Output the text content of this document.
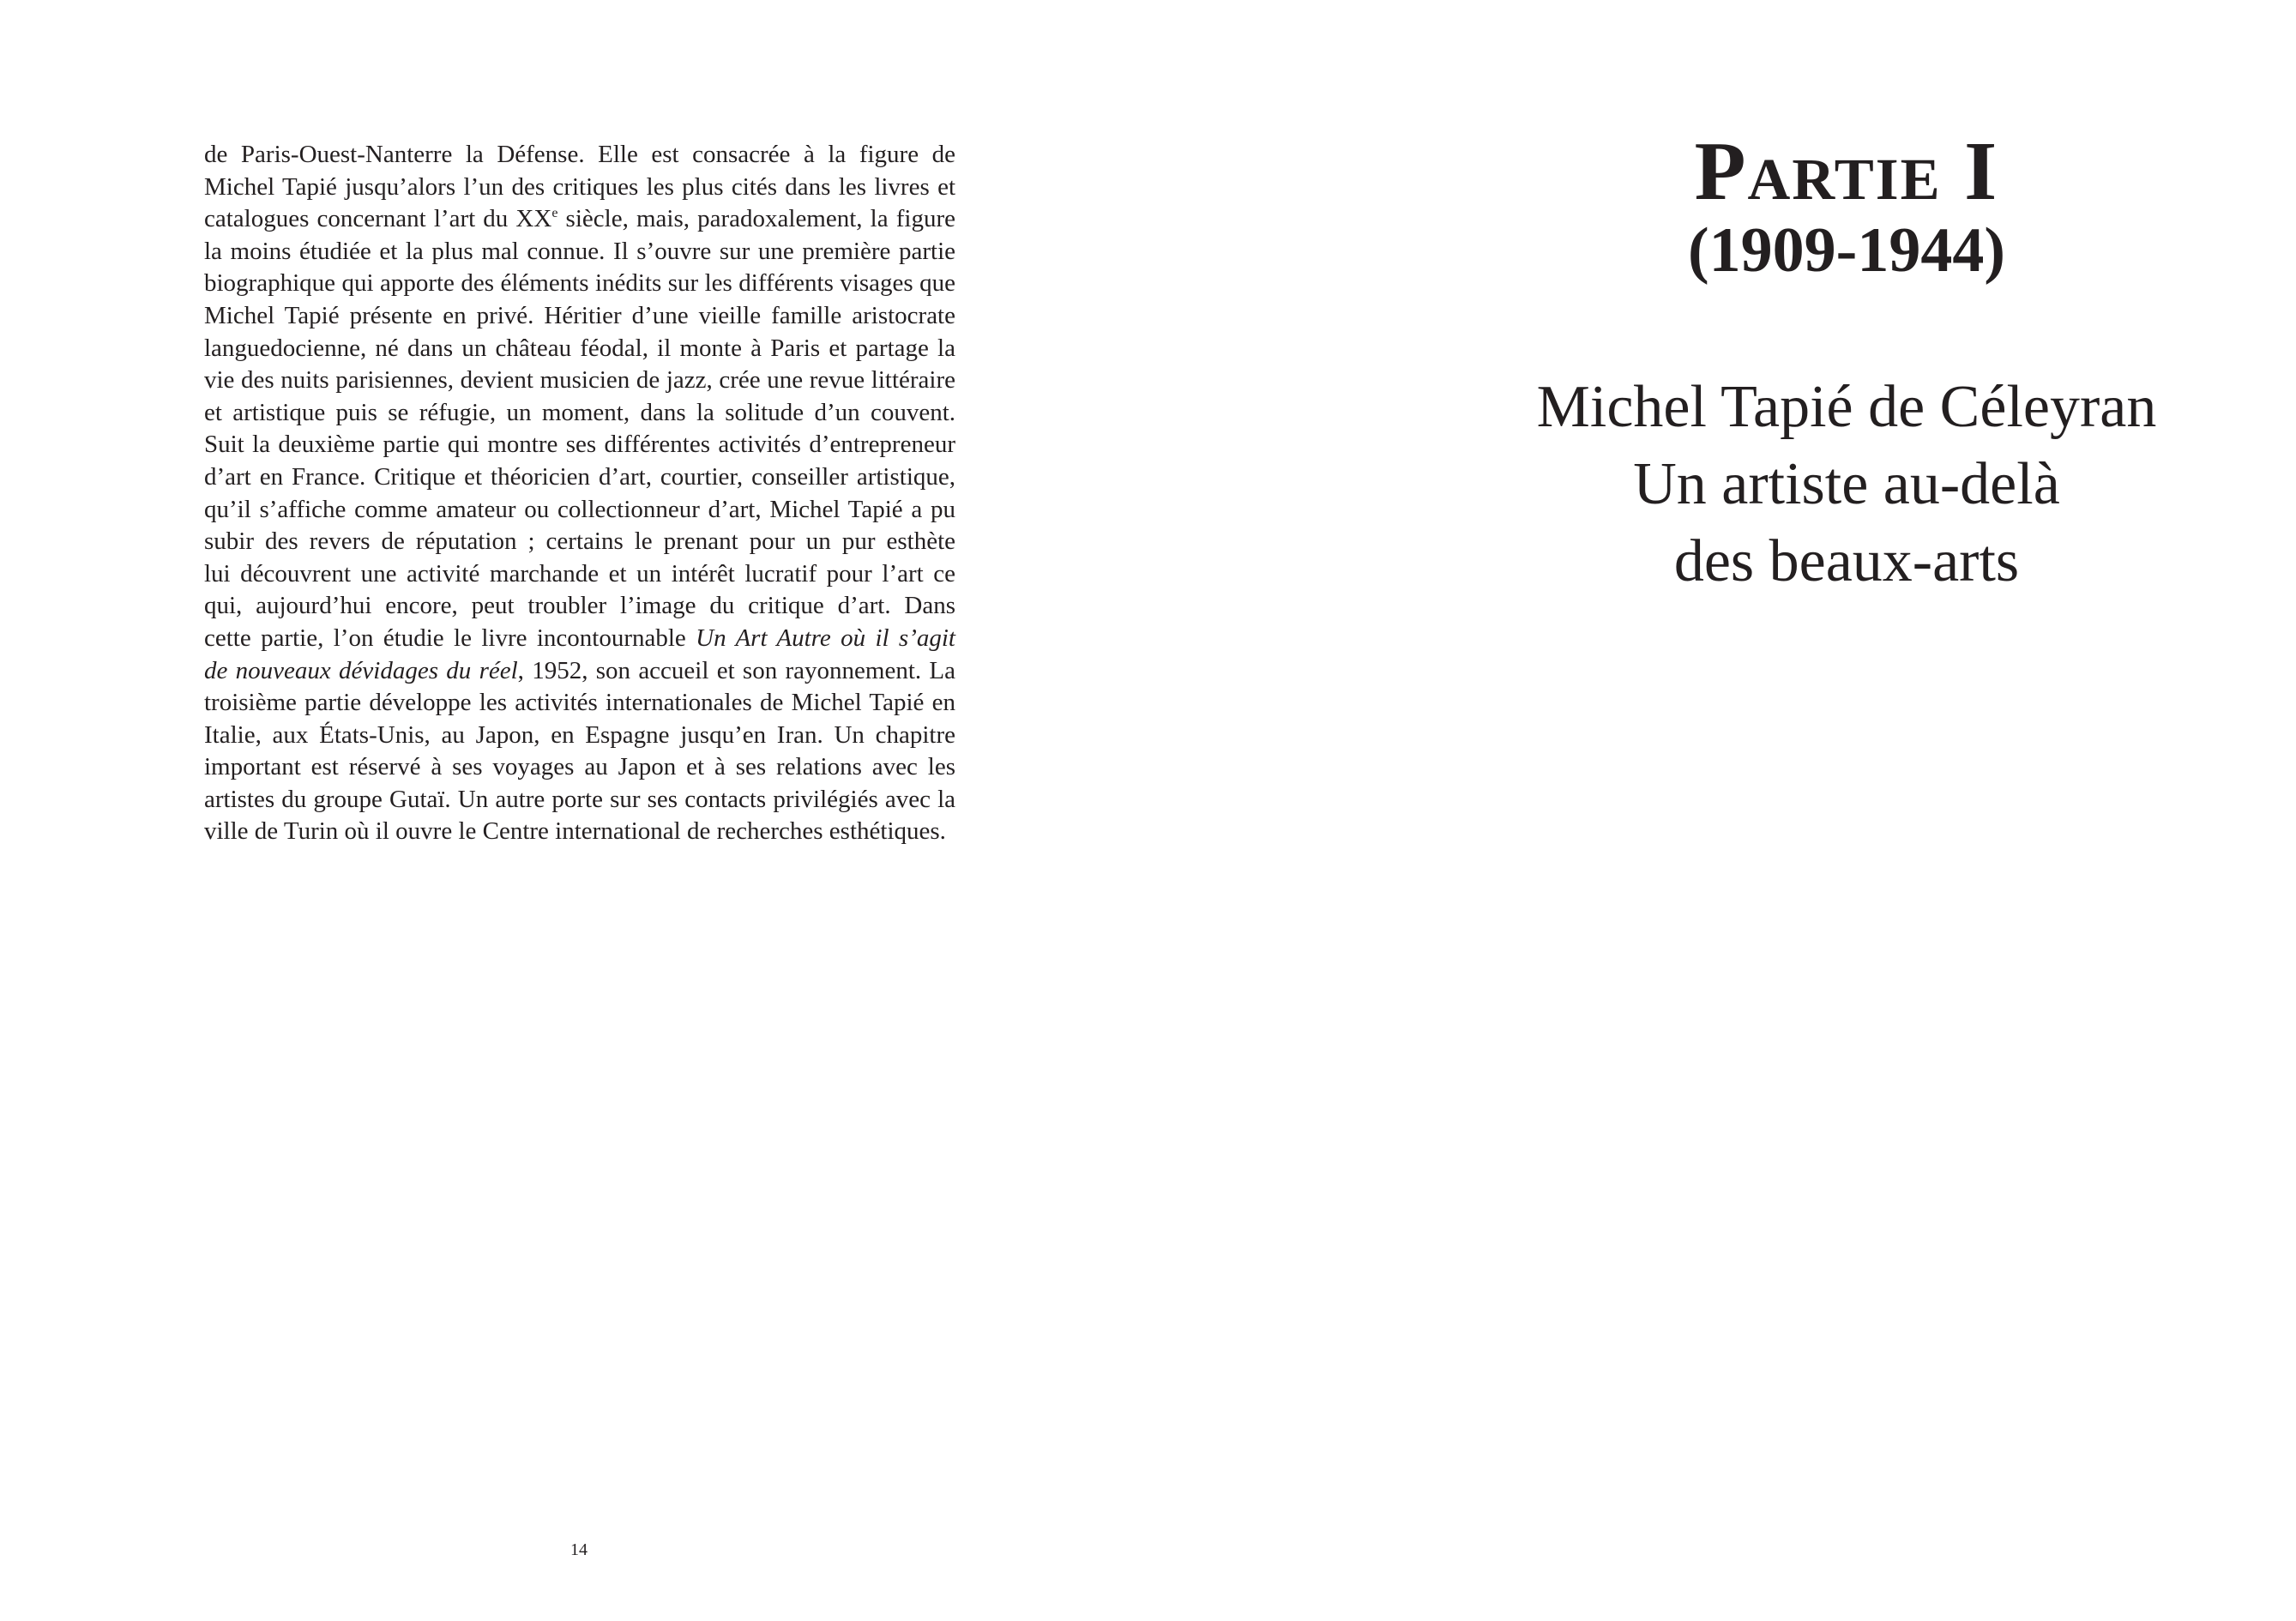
de Paris-Ouest-Nanterre la Défense. Elle est consacrée à la figure de
Michel Tapié jusqu’alors l’un des critiques les plus cités dans les livres et
catalogues concernant l’art du XXe siècle, mais, paradoxalement, la figure
la moins étudiée et la plus mal connue. Il s’ouvre sur une première partie
biographique qui apporte des éléments inédits sur les différents visages que
Michel Tapié présente en privé. Héritier d’une vieille famille aristocrate
languedocienne, né dans un château féodal, il monte à Paris et partage la
vie des nuits parisiennes, devient musicien de jazz, crée une revue littéraire
et artistique puis se réfugie, un moment, dans la solitude d’un couvent.
Suit la deuxième partie qui montre ses différentes activités d’entrepreneur
d’art en France. Critique et théoricien d’art, courtier, conseiller artistique,
qu’il s’affiche comme amateur ou collectionneur d’art, Michel Tapié a pu
subir des revers de réputation ; certains le prenant pour un pur esthète
lui découvrent une activité marchande et un intérêt lucratif pour l’art ce
qui, aujourd’hui encore, peut troubler l’image du critique d’art. Dans
cette partie, l’on étudie le livre incontournable Un Art Autre où il s’agit
de nouveaux dévidages du réel, 1952, son accueil et son rayonnement. La
troisième partie développe les activités internationales de Michel Tapié en
Italie, aux États-Unis, au Japon, en Espagne jusqu’en Iran. Un chapitre
important est réservé à ses voyages au Japon et à ses relations avec les
artistes du groupe Gutaï. Un autre porte sur ses contacts privilégiés avec la
ville de Turin où il ouvre le Centre international de recherches esthétiques.
14
Partie I
(1909-1944)
Michel Tapié de Céleyran
Un artiste au-delà
des beaux-arts
